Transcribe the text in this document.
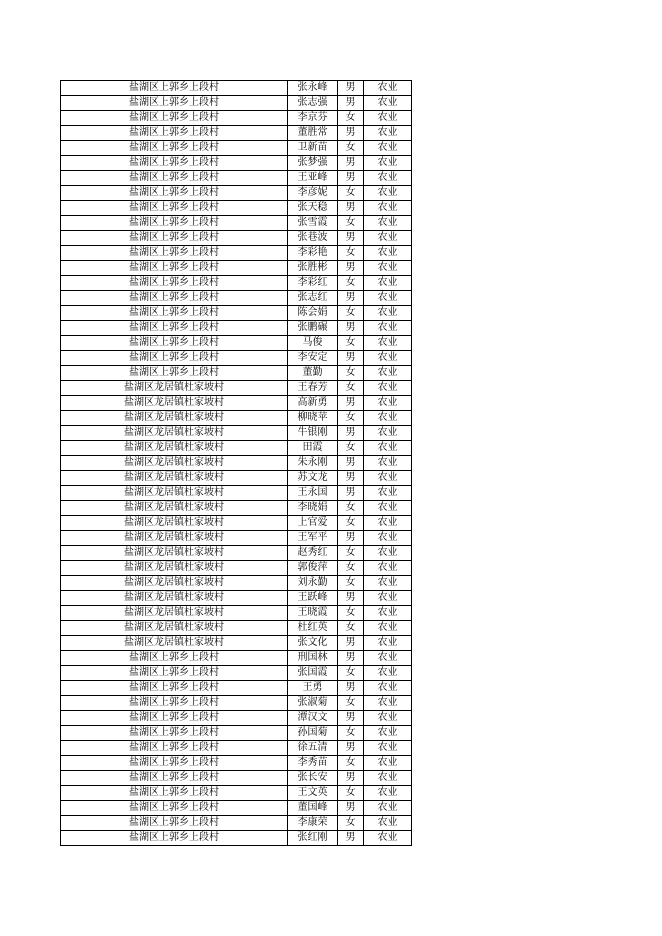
盐湖区上郭乡上段村	张永峰	男	农业
盐湖区上郭乡上段村	张志强	男	农业
盐湖区上郭乡上段村	李京芬	女	农业
盐湖区上郭乡上段村	董胜常	男	农业
盐湖区上郭乡上段村	卫新苗	女	农业
盐湖区上郭乡上段村	张梦强	男	农业
盐湖区上郭乡上段村	王亚峰	男	农业
盐湖区上郭乡上段村	李彦妮	女	农业
盐湖区上郭乡上段村	张天稳	男	农业
盐湖区上郭乡上段村	张雪霞	女	农业
盐湖区上郭乡上段村	张巷波	男	农业
盐湖区上郭乡上段村	李彩艳	女	农业
盐湖区上郭乡上段村	张胜彬	男	农业
盐湖区上郭乡上段村	李彩红	女	农业
盐湖区上郭乡上段村	张志红	男	农业
盐湖区上郭乡上段村	陈会娟	女	农业
盐湖区上郭乡上段村	张鹏碾	男	农业
盐湖区上郭乡上段村	马俊	女	农业
盐湖区上郭乡上段村	李安定	男	农业
盐湖区上郭乡上段村	董勤	女	农业
盐湖区龙居镇杜家坡村	王春芳	女	农业
盐湖区龙居镇杜家坡村	高新勇	男	农业
盐湖区龙居镇杜家坡村	柳晓苹	女	农业
盐湖区龙居镇杜家坡村	牛银刚	男	农业
盐湖区龙居镇杜家坡村	田霞	女	农业
盐湖区龙居镇杜家坡村	朱永刚	男	农业
盐湖区龙居镇杜家坡村	苏文龙	男	农业
盐湖区龙居镇杜家坡村	王永国	男	农业
盐湖区龙居镇杜家坡村	李晓娟	女	农业
盐湖区龙居镇杜家坡村	上官爱	女	农业
盐湖区龙居镇杜家坡村	王军平	男	农业
盐湖区龙居镇杜家坡村	赵秀红	女	农业
盐湖区龙居镇杜家坡村	郭俊萍	女	农业
盐湖区龙居镇杜家坡村	刘永勤	女	农业
盐湖区龙居镇杜家坡村	王跃峰	男	农业
盐湖区龙居镇杜家坡村	王晓霞	女	农业
盐湖区龙居镇杜家坡村	杜红英	女	农业
盐湖区龙居镇杜家坡村	张文化	男	农业
盐湖区上郭乡上段村	刑国林	男	农业
盐湖区上郭乡上段村	张国霞	女	农业
盐湖区上郭乡上段村	王勇	男	农业
盐湖区上郭乡上段村	张淑菊	女	农业
盐湖区上郭乡上段村	潭汉文	男	农业
盐湖区上郭乡上段村	孙国菊	女	农业
盐湖区上郭乡上段村	徐五清	男	农业
盐湖区上郭乡上段村	李秀苗	女	农业
盐湖区上郭乡上段村	张长安	男	农业
盐湖区上郭乡上段村	王文英	女	农业
盐湖区上郭乡上段村	董国峰	男	农业
盐湖区上郭乡上段村	李康荣	女	农业
盐湖区上郭乡上段村	张红刚	男	农业
